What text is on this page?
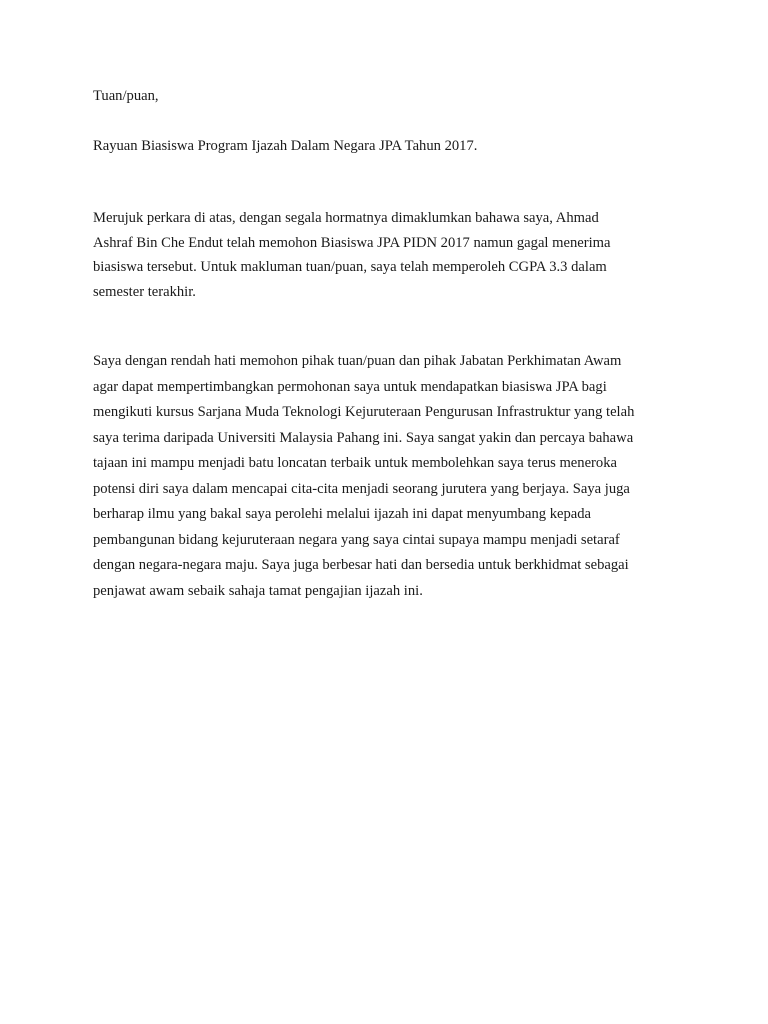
Tuan/puan,

Rayuan Biasiswa Program Ijazah Dalam Negara JPA Tahun 2017.

Merujuk perkara di atas, dengan segala hormatnya dimaklumkan bahawa saya, Ahmad
Ashraf Bin Che Endut telah memohon Biasiswa JPA PIDN 2017 namun gagal menerima
biasiswa tersebut. Untuk makluman tuan/puan, saya telah memperoleh CGPA 3.3 dalam
semester terakhir.

Saya dengan rendah hati memohon pihak tuan/puan dan pihak Jabatan Perkhimatan Awam
agar dapat mempertimbangkan permohonan saya untuk mendapatkan biasiswa JPA bagi
mengikuti kursus Sarjana Muda Teknologi Kejuruteraan Pengurusan Infrastruktur yang telah
saya terima daripada Universiti Malaysia Pahang ini. Saya sangat yakin dan percaya bahawa
tajaan ini mampu menjadi batu loncatan terbaik untuk membolehkan saya terus meneroka
potensi diri saya dalam mencapai cita-cita menjadi seorang jurutera yang berjaya. Saya juga
berharap ilmu yang bakal saya perolehi melalui ijazah ini dapat menyumbang kepada
pembangunan bidang kejuruteraan negara yang saya cintai supaya mampu menjadi setaraf
dengan negara-negara maju. Saya juga berbesar hati dan bersedia untuk berkhidmat sebagai
penjawat awam sebaik sahaja tamat pengajian ijazah ini.
